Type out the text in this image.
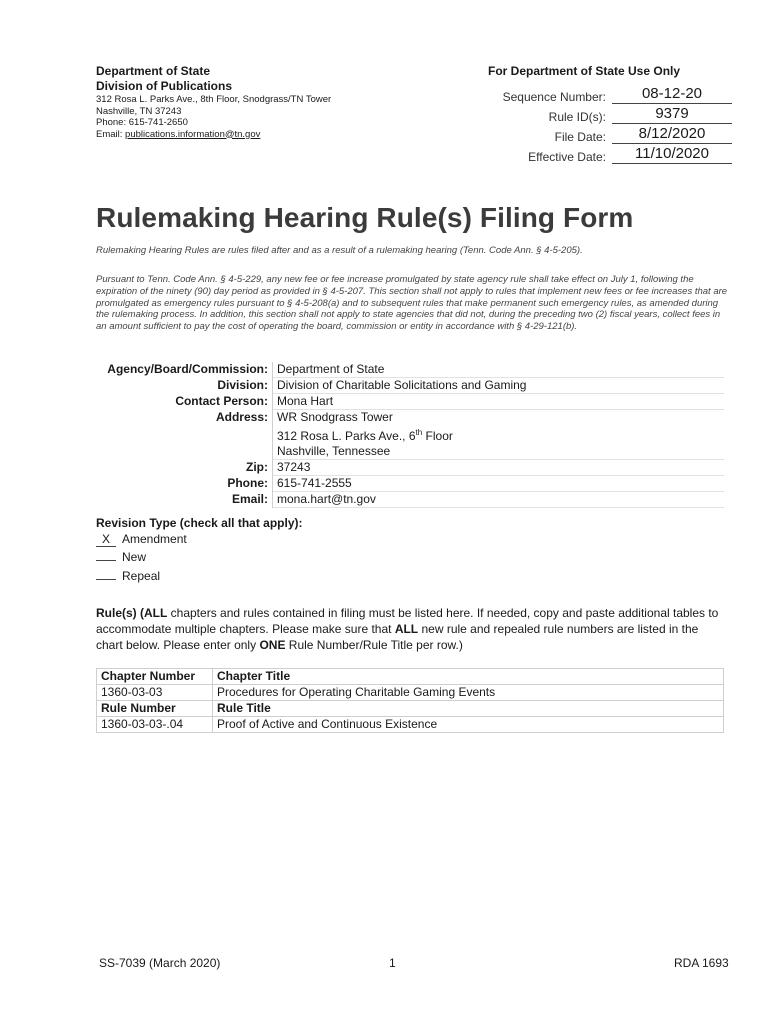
Department of State
Division of Publications
312 Rosa L. Parks Ave., 8th Floor, Snodgrass/TN Tower
Nashville, TN 37243
Phone: 615-741-2650
Email: publications.information@tn.gov
For Department of State Use Only
Sequence Number:	08-12-20
Rule ID(s):	9379
File Date:	8/12/2020
Effective Date:	11/10/2020
Rulemaking Hearing Rule(s) Filing Form
Rulemaking Hearing Rules are rules filed after and as a result of a rulemaking hearing (Tenn. Code Ann. § 4-5-205).
Pursuant to Tenn. Code Ann. § 4-5-229, any new fee or fee increase promulgated by state agency rule shall take effect on July 1, following the expiration of the ninety (90) day period as provided in § 4-5-207. This section shall not apply to rules that implement new fees or fee increases that are promulgated as emergency rules pursuant to § 4-5-208(a) and to subsequent rules that make permanent such emergency rules, as amended during the rulemaking process. In addition, this section shall not apply to state agencies that did not, during the preceding two (2) fiscal years, collect fees in an amount sufficient to pay the cost of operating the board, commission or entity in accordance with § 4-29-121(b).
Agency/Board/Commission:	Department of State
Division:	Division of Charitable Solicitations and Gaming
Contact Person:	Mona Hart
Address:	WR Snodgrass Tower
312 Rosa L. Parks Ave., 6th Floor
Nashville, Tennessee

Zip:	37243
Phone:	615-741-2555
Email:	mona.hart@tn.gov
Revision Type (check all that apply):
X Amendment
New
Repeal
Rule(s) (ALL chapters and rules contained in filing must be listed here. If needed, copy and paste additional tables to accommodate multiple chapters. Please make sure that ALL new rule and repealed rule numbers are listed in the chart below. Please enter only ONE Rule Number/Rule Title per row.)
Chapter Number	Chapter Title
1360-03-03	Procedures for Operating Charitable Gaming Events
Rule Number	Rule Title
1360-03-03-.04	Proof of Active and Continuous Existence
SS-7039 (March 2020)	1	RDA 1693
